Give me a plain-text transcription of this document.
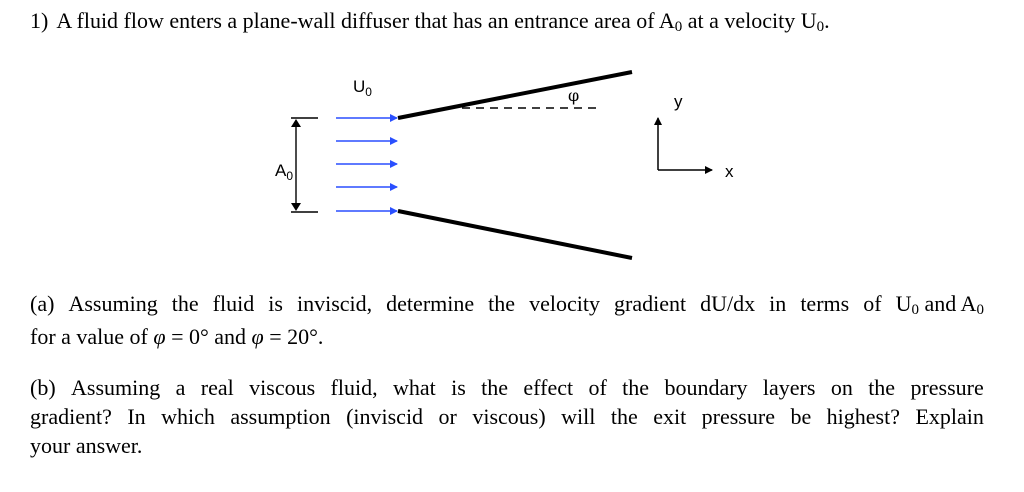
1) A fluid flow enters a plane-wall diffuser that has an entrance area of A0 at a velocity U0.
$U_0$	φ
$A_0$
y
x
(a) Assuming the fluid is inviscid, determine the velocity gradient dU/dx in terms of U0 and A0
for a value of φ = 0° and φ = 20°.
(b) Assuming a real viscous fluid, what is the effect of the boundary layers on the pressure
gradient? In which assumption (inviscid or viscous) will the exit pressure be highest? Explain
your answer.
